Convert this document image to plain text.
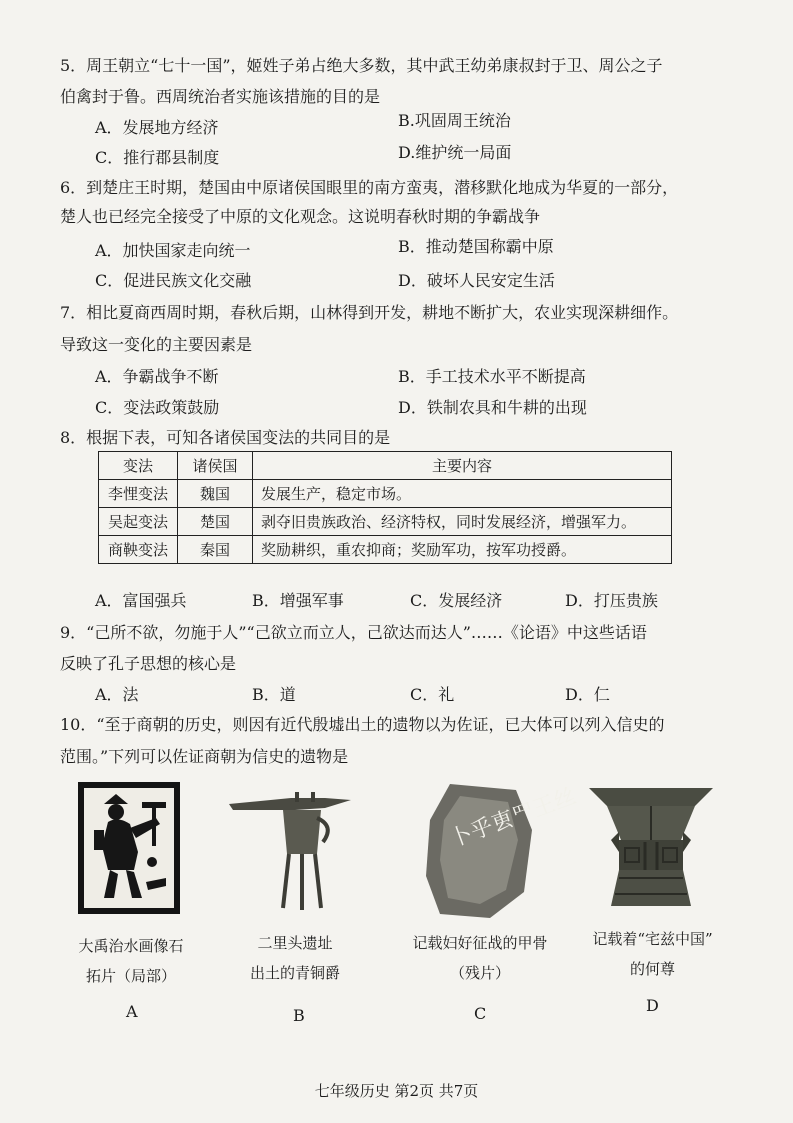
5．周王朝立“七十一国”，姬姓子弟占绝大多数，其中武王幼弟康叔封于卫、周公之子
伯禽封于鲁。西周统治者实施该措施的目的是
A．发展地方经济	B.巩固周王统治
C．推行郡县制度	D.维护统一局面
6．到楚庄王时期，楚国由中原诸侯国眼里的南方蛮夷，潜移默化地成为华夏的一部分，
楚人也已经完全接受了中原的文化观念。这说明春秋时期的争霸战争
A．加快国家走向统一	B．推动楚国称霸中原
C．促进民族文化交融	D．破坏人民安定生活
7．相比夏商西周时期，春秋后期，山林得到开发，耕地不断扩大，农业实现深耕细作。
导致这一变化的主要因素是
A．争霸战争不断	B．手工技术水平不断提高
C．变法政策鼓励	D．铁制农具和牛耕的出现
8．根据下表，可知各诸侯国变法的共同目的是
变法	诸侯国	主要内容
李悝变法	魏国	发展生产，稳定市场。
吴起变法	楚国	剥夺旧贵族政治、经济特权，同时发展经济，增强军力。
商鞅变法	秦国	奖励耕织，重农抑商；奖励军功，按军功授爵。
A．富国强兵	B．增强军事	C．发展经济	D．打压贵族
9．“己所不欲，勿施于人”“己欲立而立人，己欲达而达人”……《论语》中这些话语
反映了孔子思想的核心是
A．法	B．道	C．礼	D．仁
10．“至于商朝的历史，则因有近代殷墟出土的遗物以为佐证，已大体可以列入信史的
范围。”下列可以佐证商朝为信史的遗物是
卜乎叀罒王丝
大禹治水画像石
拓片（局部）
二里头遗址
出土的青铜爵
记载妇好征战的甲骨
（残片）
记载着“宅兹中国”
的何尊
A	B	C	D
七年级历史 第2页 共7页
